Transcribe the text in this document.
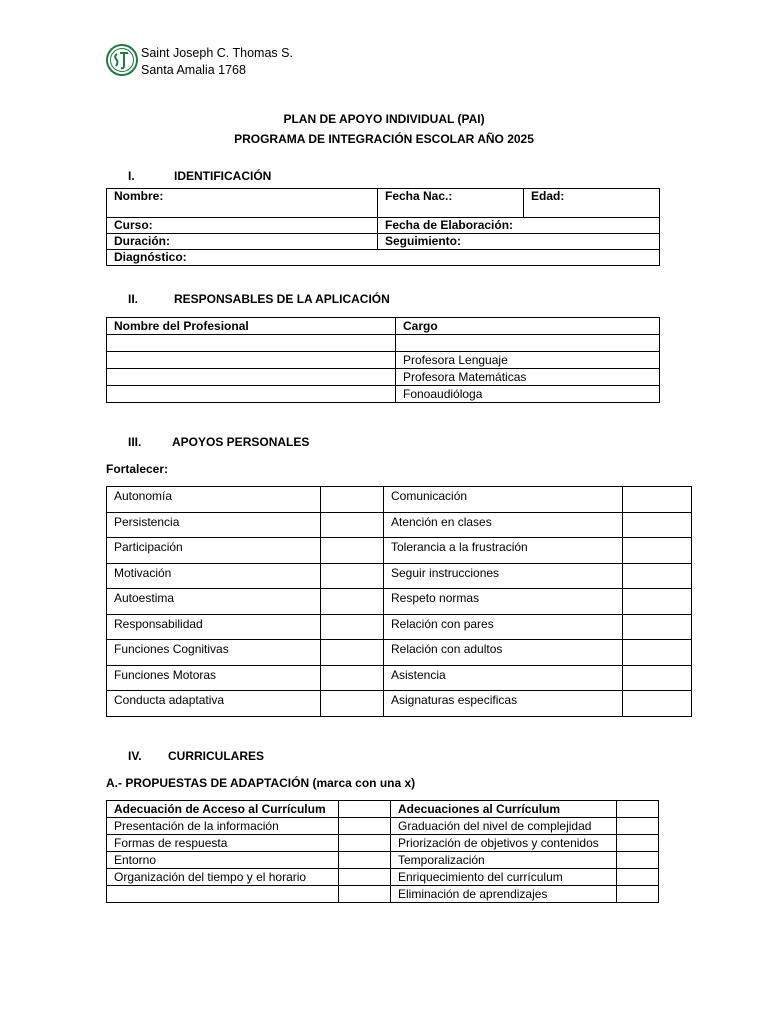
Saint Joseph C. Thomas S.
Santa Amalia 1768
PLAN DE APOYO INDIVIDUAL (PAI)
PROGRAMA DE INTEGRACIÓN ESCOLAR AÑO 2025
I.	IDENTIFICACIÓN
Nombre:	Fecha Nac.:	Edad:
Curso:	Fecha de Elaboración:	
Duración:	Seguimiento:	
Diagnóstico:		
II.	RESPONSABLES DE LA APLICACIÓN
Nombre del Profesional	Cargo

	Profesora Lenguaje
	Profesora Matemáticas
	Fonoaudióloga
III.	APOYOS PERSONALES
Fortalecer:
Autonomía		Comunicación	
Persistencia		Atención en clases	
Participación		Tolerancia a la frustración	
Motivación		Seguir instrucciones	
Autoestima		Respeto normas	
Responsabilidad		Relación con pares	
Funciones Cognitivas		Relación con adultos	
Funciones Motoras		Asistencia	
Conducta adaptativa		Asignaturas especificas	
IV. CURRICULARES
A.- PROPUESTAS DE ADAPTACIÓN (marca con una x)
Adecuación de Acceso al Currículum		Adecuaciones al Currículum	
Presentación de la información		Graduación del nivel de complejidad	
Formas de respuesta		Priorización de objetivos y contenidos	
Entorno		Temporalización	
Organización del tiempo y el horario		Enriquecimiento del currículum	
		Eliminación de aprendizajes	
